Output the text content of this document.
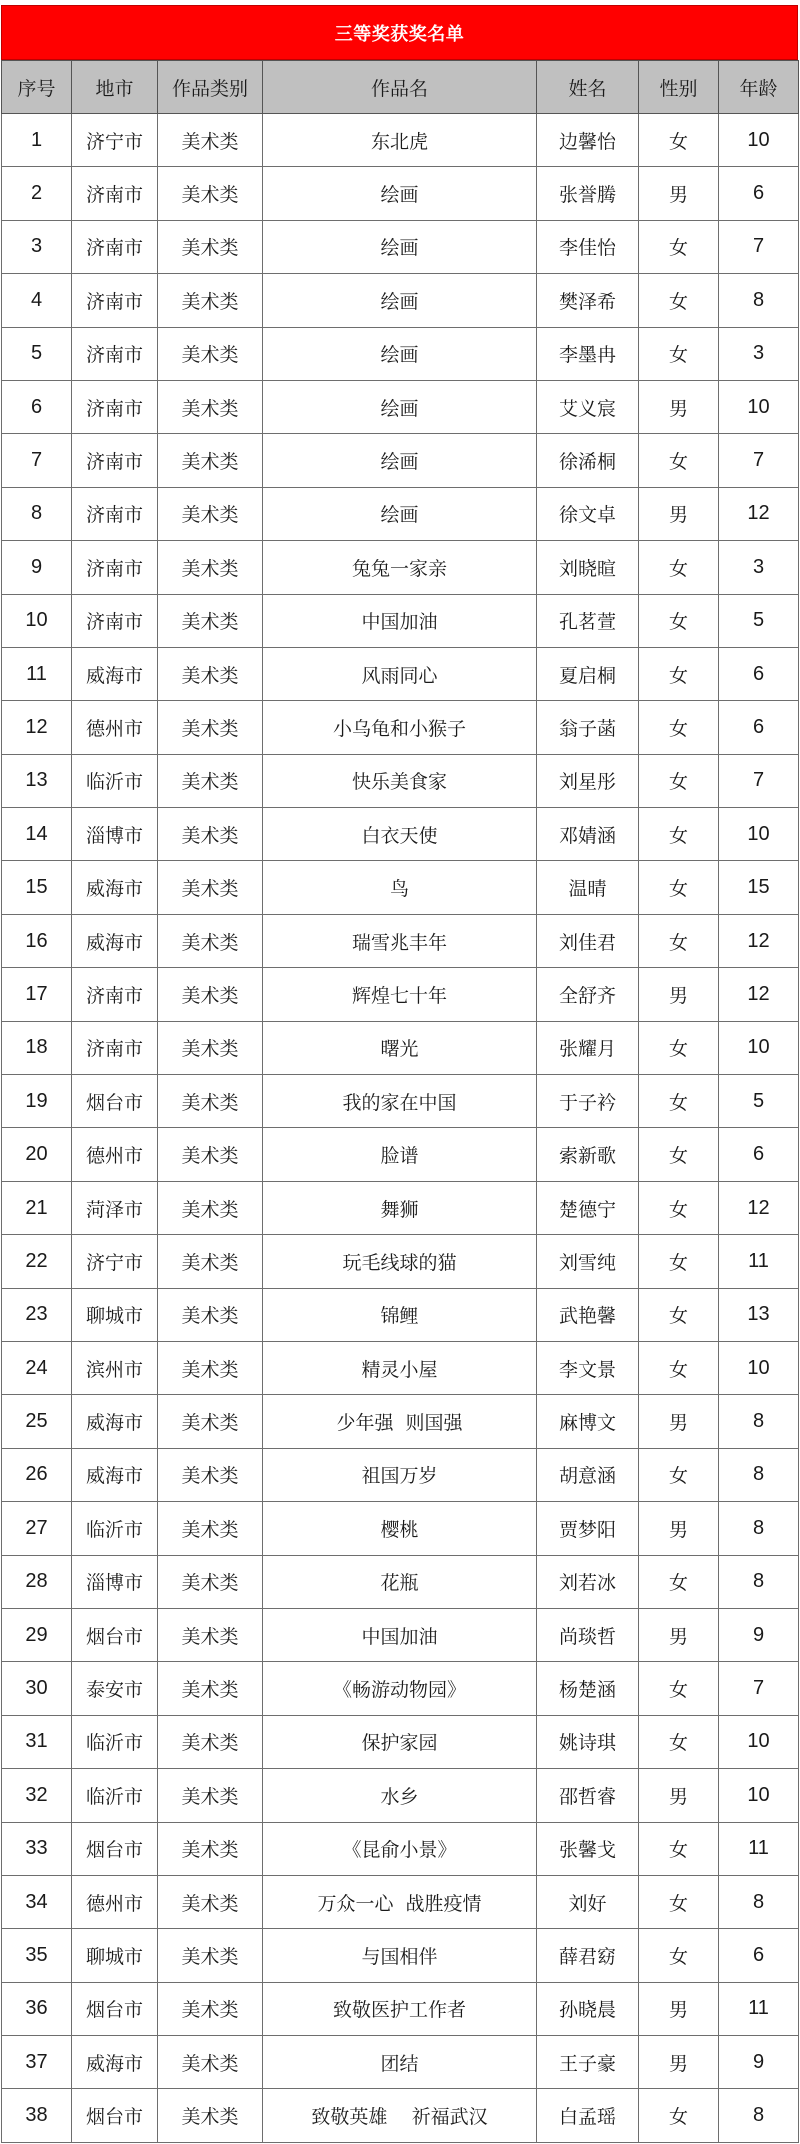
三等奖获奖名单
序号	地市	作品类别	作品名	姓名	性别	年龄
1	济宁市	美术类	东北虎	边馨怡	女	10
2	济南市	美术类	绘画	张誉腾	男	6
3	济南市	美术类	绘画	李佳怡	女	7
4	济南市	美术类	绘画	樊泽希	女	8
5	济南市	美术类	绘画	李墨冉	女	3
6	济南市	美术类	绘画	艾义宸	男	10
7	济南市	美术类	绘画	徐浠桐	女	7
8	济南市	美术类	绘画	徐文卓	男	12
9	济南市	美术类	兔兔一家亲	刘晓暄	女	3
10	济南市	美术类	中国加油	孔茗萱	女	5
11	威海市	美术类	风雨同心	夏启桐	女	6
12	德州市	美术类	小乌龟和小猴子	翁子菡	女	6
13	临沂市	美术类	快乐美食家	刘星彤	女	7
14	淄博市	美术类	白衣天使	邓婧涵	女	10
15	威海市	美术类	鸟	温晴	女	15
16	威海市	美术类	瑞雪兆丰年	刘佳君	女	12
17	济南市	美术类	辉煌七十年	全舒齐	男	12
18	济南市	美术类	曙光	张耀月	女	10
19	烟台市	美术类	我的家在中国	于子衿	女	5
20	德州市	美术类	脸谱	索新歌	女	6
21	菏泽市	美术类	舞狮	楚德宁	女	12
22	济宁市	美术类	玩毛线球的猫	刘雪纯	女	11
23	聊城市	美术类	锦鲤	武艳馨	女	13
24	滨州市	美术类	精灵小屋	李文景	女	10
25	威海市	美术类	少年强  则国强	麻博文	男	8
26	威海市	美术类	祖国万岁	胡意涵	女	8
27	临沂市	美术类	樱桃	贾梦阳	男	8
28	淄博市	美术类	花瓶	刘若冰	女	8
29	烟台市	美术类	中国加油	尚琰哲	男	9
30	泰安市	美术类	《畅游动物园》	杨楚涵	女	7
31	临沂市	美术类	保护家园	姚诗琪	女	10
32	临沂市	美术类	水乡	邵哲睿	男	10
33	烟台市	美术类	《昆俞小景》	张馨戈	女	11
34	德州市	美术类	万众一心  战胜疫情	刘好	女	8
35	聊城市	美术类	与国相伴	薛君窈	女	6
36	烟台市	美术类	致敬医护工作者	孙晓晨	男	11
37	威海市	美术类	团结	王子豪	男	9
38	烟台市	美术类	致敬英雄    祈福武汉	白孟瑶	女	8
